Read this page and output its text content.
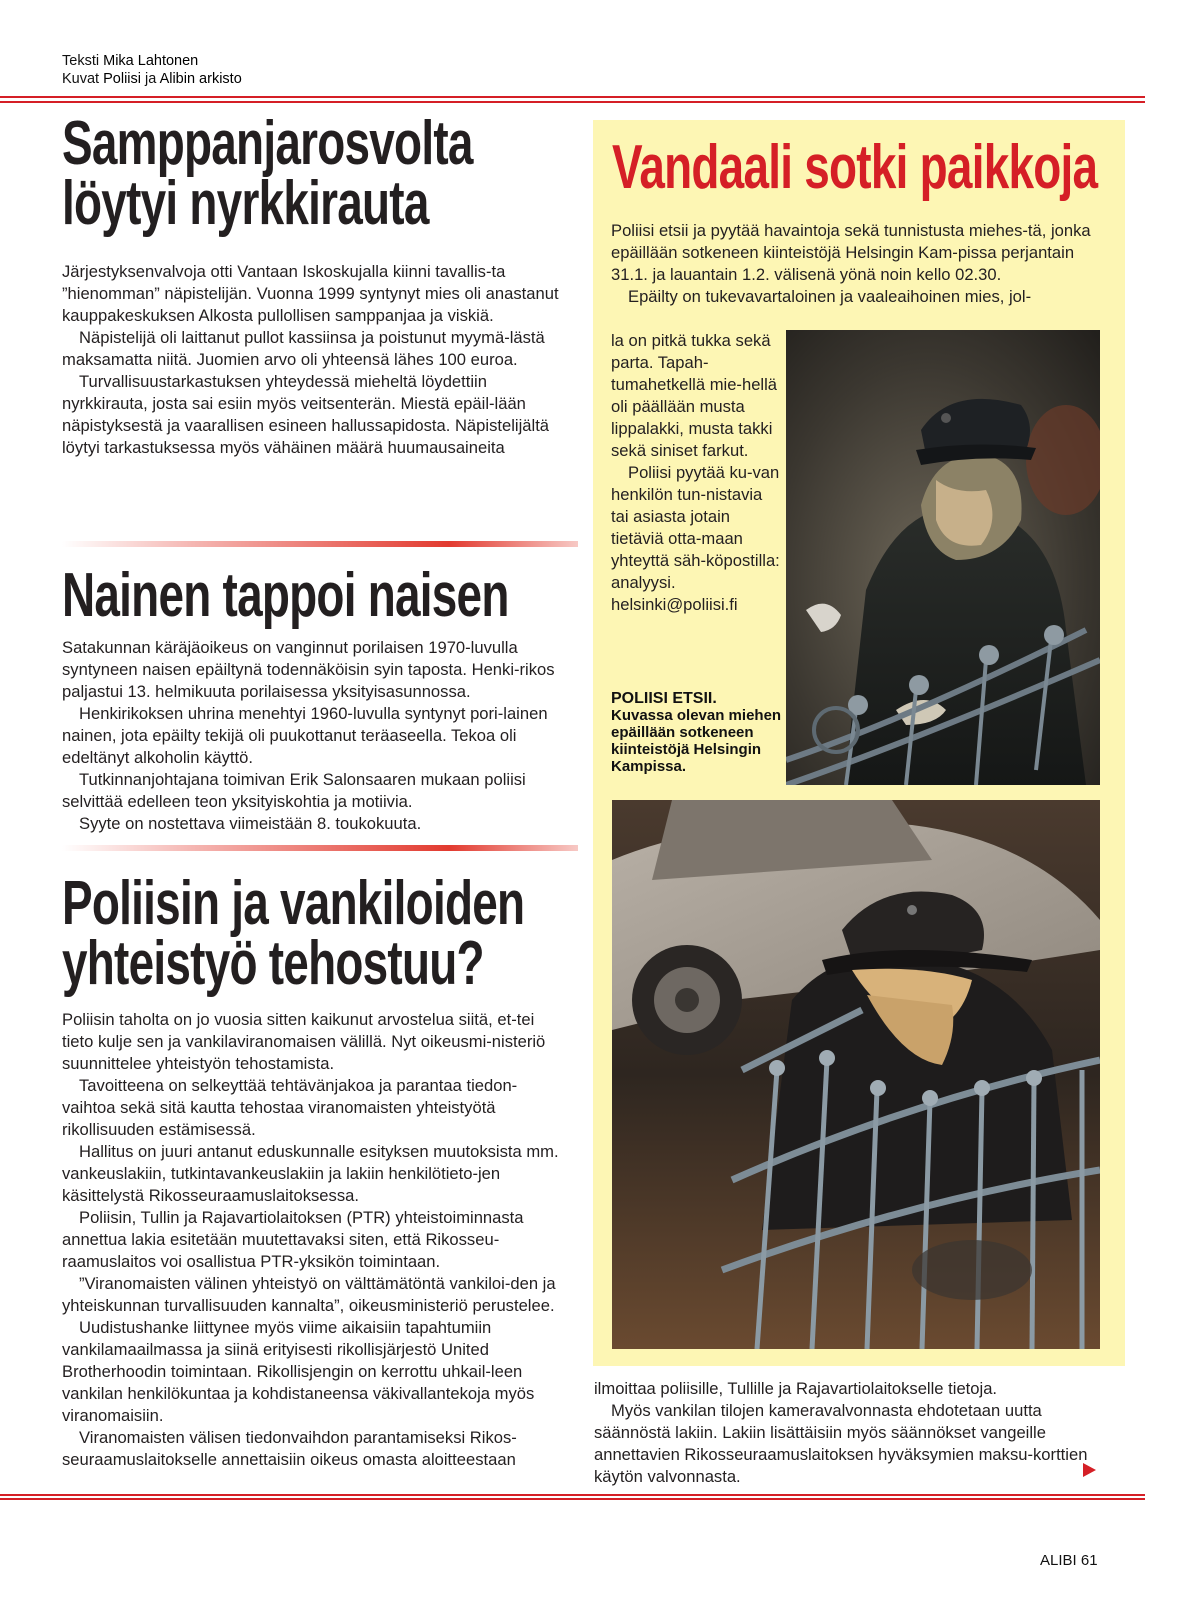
Teksti Mika Lahtonen
Kuvat Poliisi ja Alibin arkisto
Samppanjarosvolta
löytyi nyrkkirauta

Järjestyksenvalvoja otti Vantaan Iskoskujalla kiinni tavallis-ta ”hienomman” näpistelijän. Vuonna 1999 syntynyt mies oli anastanut kauppakeskuksen Alkosta pullollisen samppanjaa ja viskiä.

Näpistelijä oli laittanut pullot kassiinsa ja poistunut myymä-lästä maksamatta niitä. Juomien arvo oli yhteensä lähes 100 euroa.

Turvallisuustarkastuksen yhteydessä mieheltä löydettiin nyrkkirauta, josta sai esiin myös veitsenterän. Miestä epäil-lään näpistyksestä ja vaarallisen esineen hallussapidosta. Näpistelijältä löytyi tarkastuksessa myös vähäinen määrä huumausaineita

Nainen tappoi naisen

Satakunnan käräjäoikeus on vanginnut porilaisen 1970-luvulla syntyneen naisen epäiltynä todennäköisin syin taposta. Henki-rikos paljastui 13. helmikuuta porilaisessa yksityisasunnossa.

Henkirikoksen uhrina menehtyi 1960-luvulla syntynyt pori-lainen nainen, jota epäilty tekijä oli puukottanut teräaseella. Tekoa oli edeltänyt alkoholin käyttö.

Tutkinnanjohtajana toimivan Erik Salonsaaren mukaan poliisi selvittää edelleen teon yksityiskohtia ja motiivia.

Syyte on nostettava viimeistään 8. toukokuuta.

Poliisin ja vankiloiden
yhteistyö tehostuu?

Poliisin taholta on jo vuosia sitten kaikunut arvostelua siitä, et-tei tieto kulje sen ja vankilaviranomaisen välillä. Nyt oikeusmi-nisteriö suunnittelee yhteistyön tehostamista.

Tavoitteena on selkeyttää tehtävänjakoa ja parantaa tiedon-vaihtoa sekä sitä kautta tehostaa viranomaisten yhteistyötä rikollisuuden estämisessä.

Hallitus on juuri antanut eduskunnalle esityksen muutoksista mm. vankeuslakiin, tutkintavankeuslakiin ja lakiin henkilötieto-jen käsittelystä Rikosseuraamuslaitoksessa.

Poliisin, Tullin ja Rajavartiolaitoksen (PTR) yhteistoiminnasta annettua lakia esitetään muutettavaksi siten, että Rikosseu-raamuslaitos voi osallistua PTR-yksikön toimintaan.

”Viranomaisten välinen yhteistyö on välttämätöntä vankiloi-den ja yhteiskunnan turvallisuuden kannalta”, oikeusministeriö perustelee.

Uudistushanke liittynee myös viime aikaisiin tapahtumiin vankilamaailmassa ja siinä erityisesti rikollisjärjestö United Brotherhoodin toimintaan. Rikollisjengin on kerrottu uhkail-leen vankilan henkilökuntaa ja kohdistaneensa väkivallantekoja myös viranomaisiin.

Viranomaisten välisen tiedonvaihdon parantamiseksi Rikos-seuraamuslaitokselle annettaisiin oikeus omasta aloitteestaan

Vandaali sotki paikkoja

Poliisi etsii ja pyytää havaintoja sekä tunnistusta miehes-tä, jonka epäillään sotkeneen kiinteistöjä Helsingin Kam-pissa perjantain 31.1. ja lauantain 1.2. välisenä yönä noin kello 02.30.

Epäilty on tukevavartaloinen ja vaaleaihoinen mies, jol-

la on pitkä tukka sekä parta. Tapah-tumahetkellä mie-hellä oli päällään musta lippalakki, musta takki sekä siniset farkut.

Poliisi pyytää ku-van henkilön tun-nistavia tai asiasta jotain tietäviä otta-maan yhteyttä säh-köpostilla: analyysi. helsinki@poliisi.fi

POLIISI ETSII.
Kuvassa olevan miehen epäillään sotkeneen kiinteistöjä Helsingin Kampissa.

ilmoittaa poliisille, Tullille ja Rajavartiolaitokselle tietoja.

Myös vankilan tilojen kameravalvonnasta ehdotetaan uutta säännöstä lakiin. Lakiin lisättäisiin myös säännökset vangeille annettavien Rikosseuraamuslaitoksen hyväksymien maksu-korttien käytön valvonnasta.

ALIBI 61
